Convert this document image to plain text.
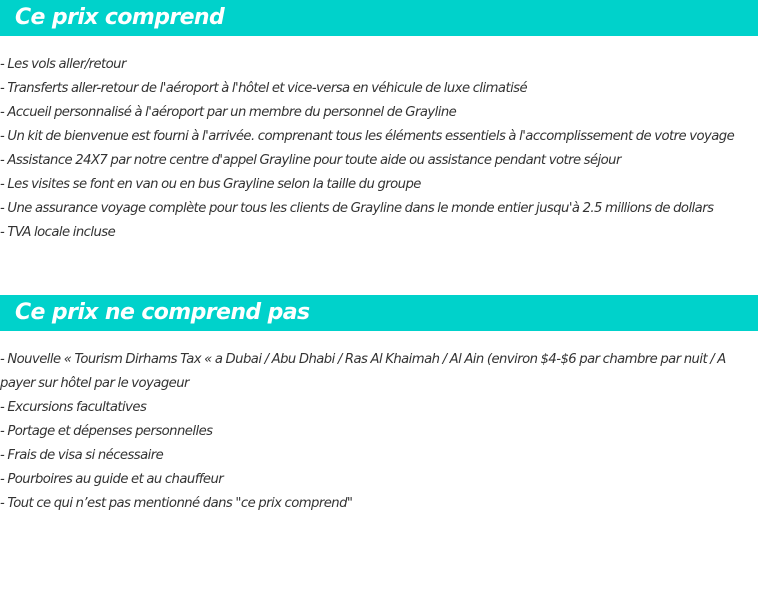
Ce prix comprend
- Les vols aller/retour
- Transferts aller-retour de l'aéroport à l'hôtel et vice-versa en véhicule de luxe climatisé
- Accueil personnalisé à l'aéroport par un membre du personnel de Grayline
- Un kit de bienvenue est fourni à l'arrivée. comprenant tous les éléments essentiels à l'accomplissement de votre voyage
- Assistance 24X7 par notre centre d'appel Grayline pour toute aide ou assistance pendant votre séjour
- Les visites se font en van ou en bus Grayline selon la taille du groupe
- Une assurance voyage complète pour tous les clients de Grayline dans le monde entier jusqu'à 2.5 millions de dollars
- TVA locale incluse
Ce prix ne comprend pas
- Nouvelle « Tourism Dirhams Tax « a Dubai / Abu Dhabi / Ras Al Khaimah / Al Ain (environ $4-$6 par chambre par nuit / A payer sur hôtel par le voyageur
- Excursions facultatives
- Portage et dépenses personnelles
- Frais de visa si nécessaire
- Pourboires au guide et au chauffeur
- Tout ce qui n’est pas mentionné dans "ce prix comprend"
